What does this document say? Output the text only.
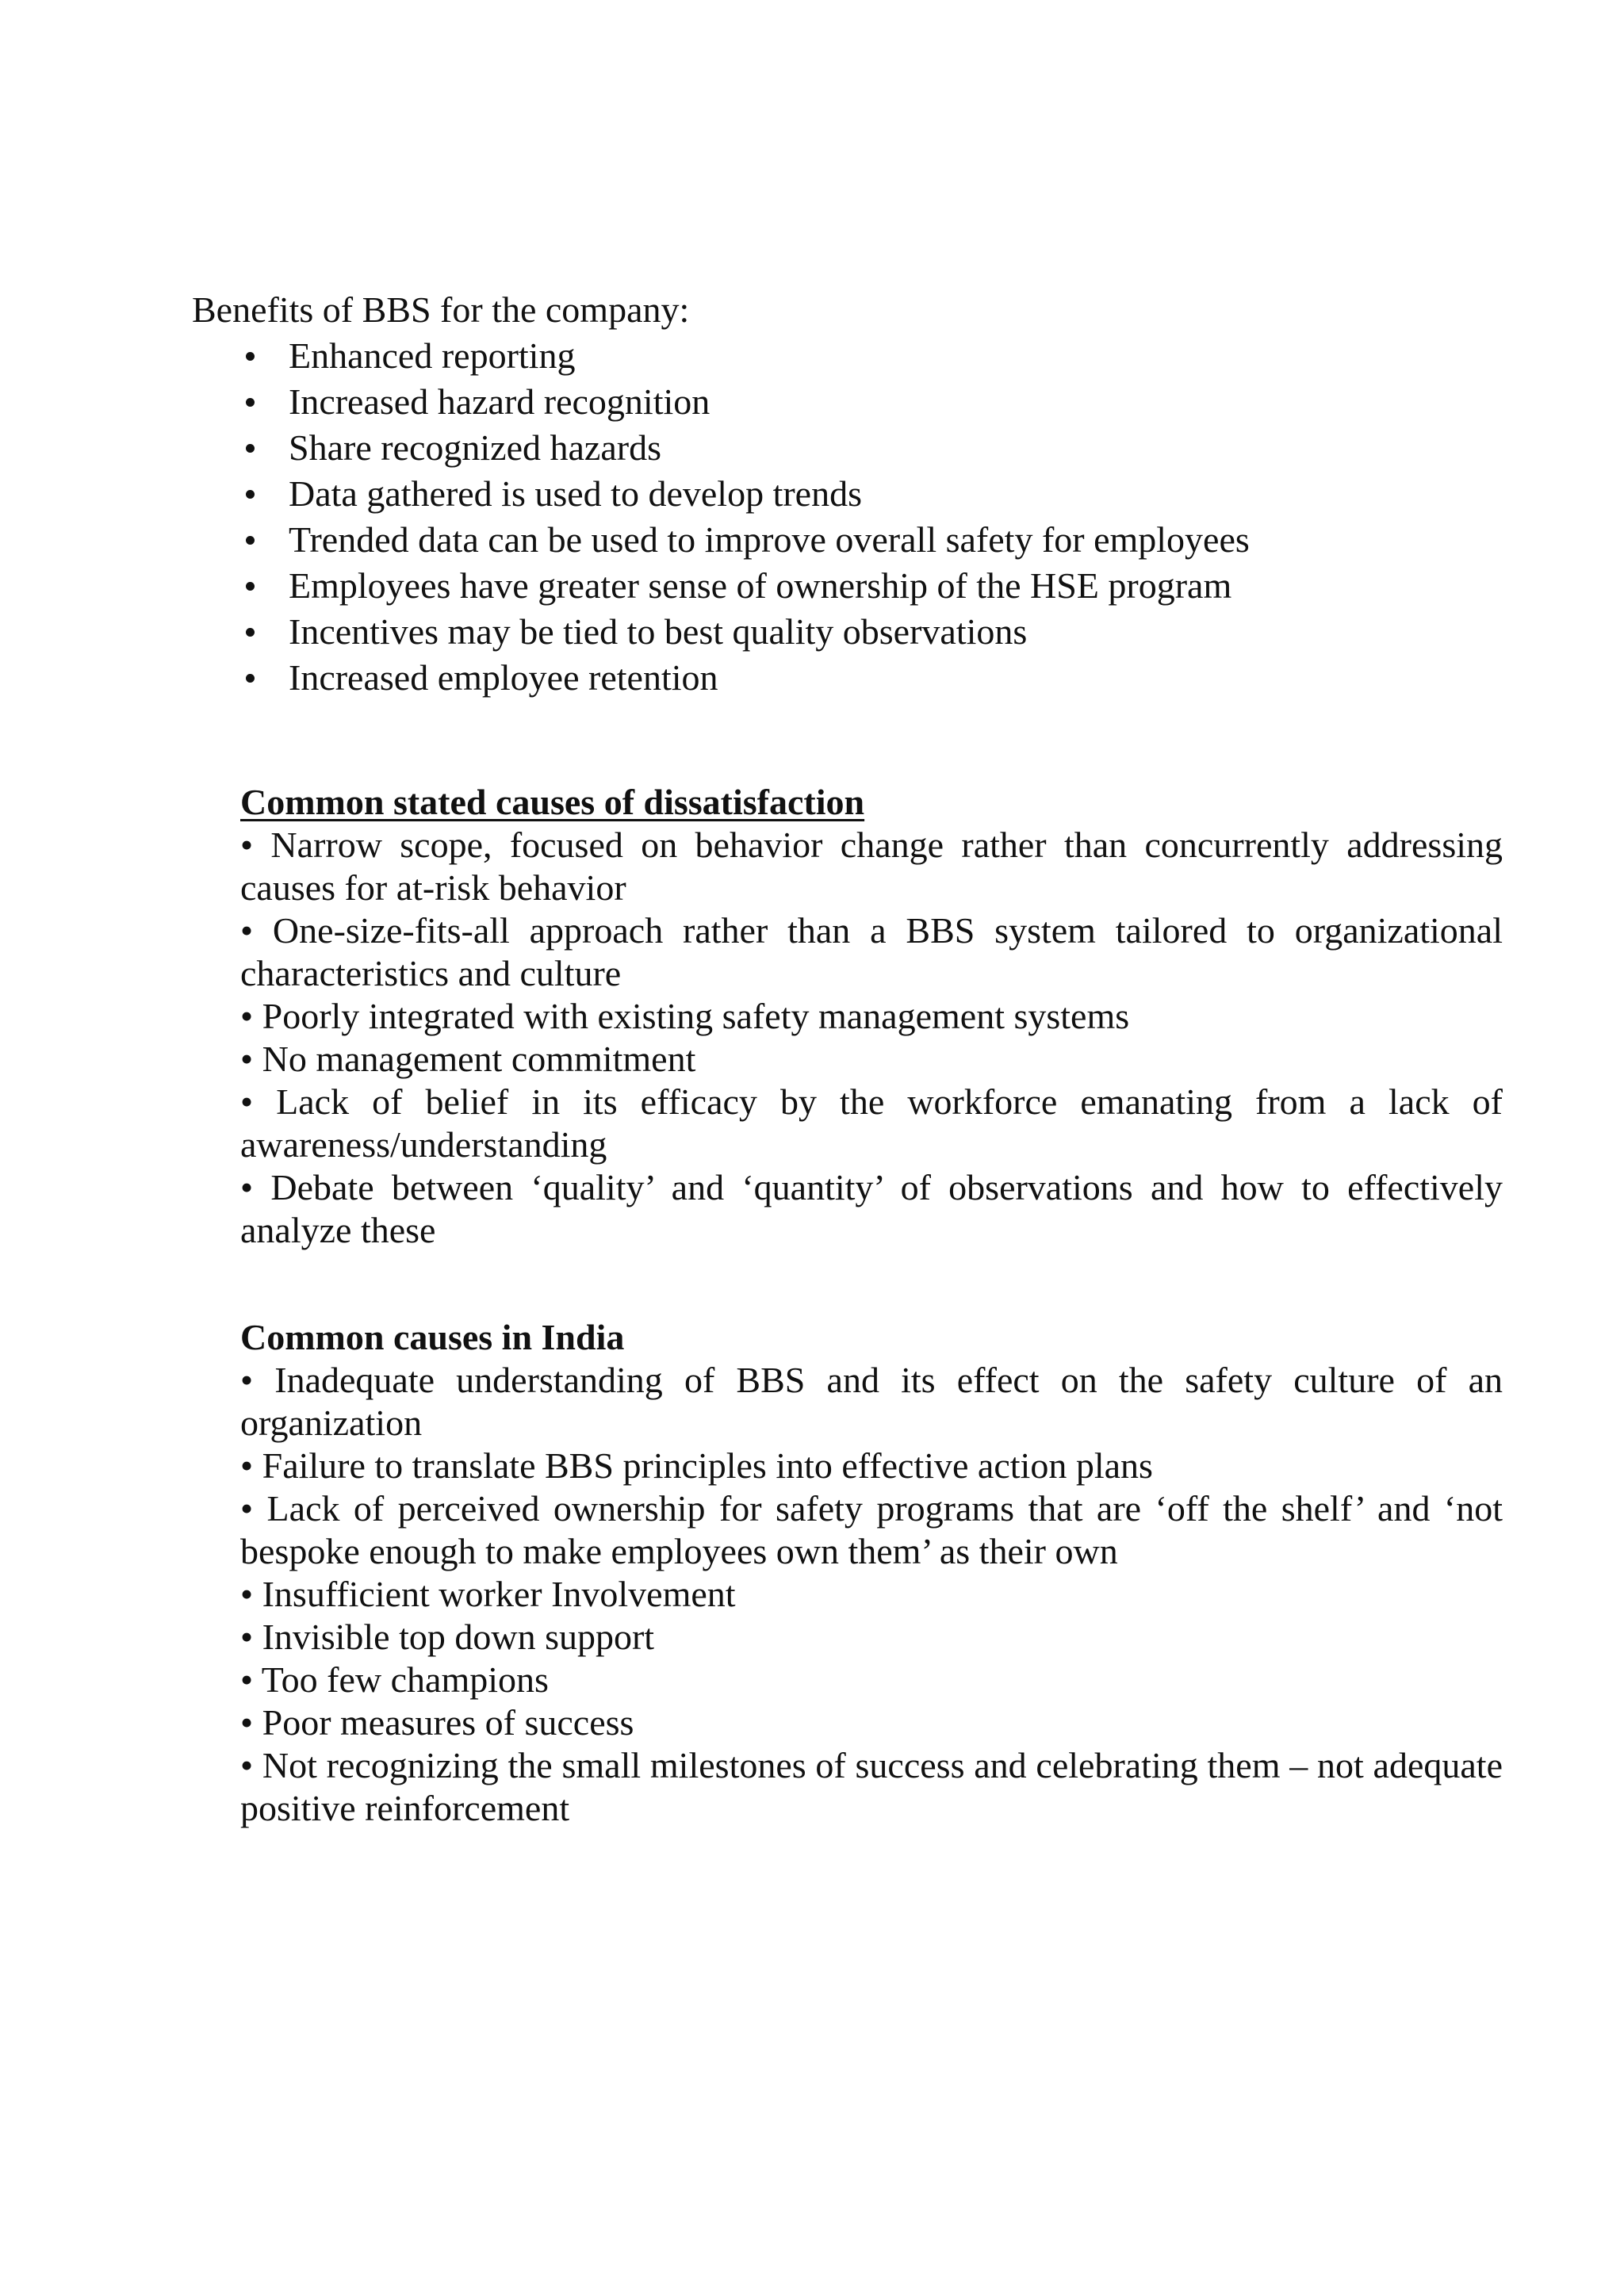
Benefits of BBS for the company:

Enhanced reporting
Increased hazard recognition
Share recognized hazards
Data gathered is used to develop trends
Trended data can be used to improve overall safety for employees
Employees have greater sense of ownership of the HSE program
Incentives may be tied to best quality observations
Increased employee retention

Common stated causes of dissatisfaction

• Narrow scope, focused on behavior change rather than concurrently addressing causes for at-risk behavior

• One-size-fits-all approach rather than a BBS system tailored to organizational characteristics and culture

• Poorly integrated with existing safety management systems

• No management commitment

• Lack of belief in its efficacy by the workforce emanating from a lack of awareness/understanding

• Debate between ‘quality’ and ‘quantity’ of observations and how to effectively analyze these

Common causes in India

• Inadequate understanding of BBS and its effect on the safety culture of an organization

• Failure to translate BBS principles into effective action plans

• Lack of perceived ownership for safety programs that are ‘off the shelf’ and ‘not bespoke enough to make employees own them’ as their own

• Insufficient worker Involvement

• Invisible top down support

• Too few champions

• Poor measures of success

• Not recognizing the small milestones of success and celebrating them – not adequate positive reinforcement
